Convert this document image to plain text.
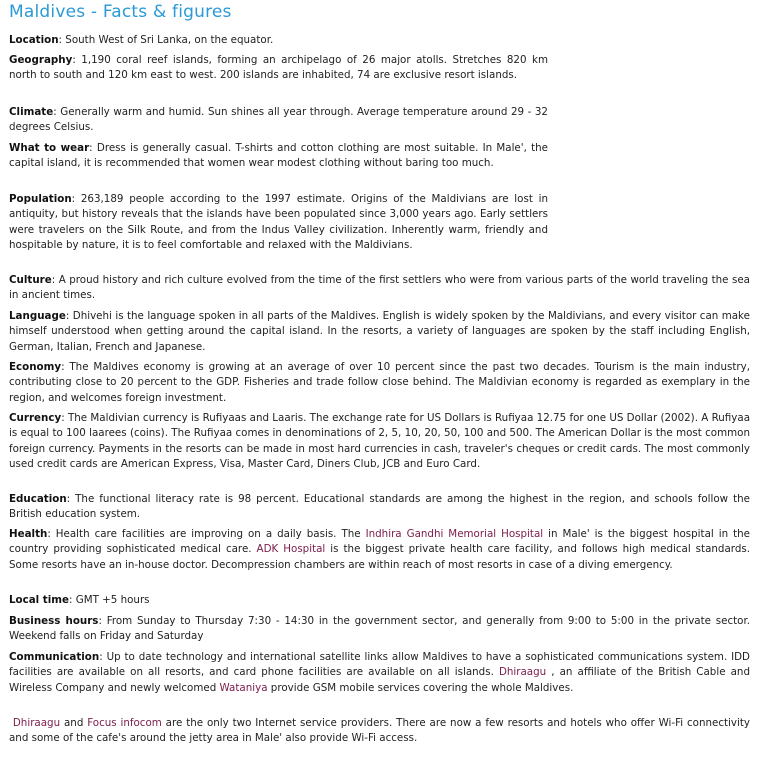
Maldives - Facts & figures

Location: South West of Sri Lanka, on the equator.

Geography: 1,190 coral reef islands, forming an archipelago of 26 major atolls. Stretches 820 km north to south and 120 km east to west. 200 islands are inhabited, 74 are exclusive resort islands.

Climate: Generally warm and humid. Sun shines all year through. Average temperature around 29 - 32 degrees Celsius.

What to wear: Dress is generally casual. T-shirts and cotton clothing are most suitable. In Male', the capital island, it is recommended that women wear modest clothing without baring too much.

Population: 263,189 people according to the 1997 estimate. Origins of the Maldivians are lost in antiquity, but history reveals that the islands have been populated since 3,000 years ago. Early settlers were travelers on the Silk Route, and from the Indus Valley civilization. Inherently warm, friendly and hospitable by nature, it is to feel comfortable and relaxed with the Maldivians.

Culture: A proud history and rich culture evolved from the time of the first settlers who were from various parts of the world traveling the sea in ancient times.

Language: Dhivehi is the language spoken in all parts of the Maldives. English is widely spoken by the Maldivians, and every visitor can make himself understood when getting around the capital island. In the resorts, a variety of languages are spoken by the staff including English, German, Italian, French and Japanese.

Economy: The Maldives economy is growing at an average of over 10 percent since the past two decades. Tourism is the main industry, contributing close to 20 percent to the GDP. Fisheries and trade follow close behind. The Maldivian economy is regarded as exemplary in the region, and welcomes foreign investment.

Currency: The Maldivian currency is Rufiyaas and Laaris. The exchange rate for US Dollars is Rufiyaa 12.75 for one US Dollar (2002). A Rufiyaa is equal to 100 laarees (coins). The Rufiyaa comes in denominations of 2, 5, 10, 20, 50, 100 and 500. The American Dollar is the most common foreign currency. Payments in the resorts can be made in most hard currencies in cash, traveler's cheques or credit cards. The most commonly used credit cards are American Express, Visa, Master Card, Diners Club, JCB and Euro Card.

Education: The functional literacy rate is 98 percent. Educational standards are among the highest in the region, and schools follow the British education system.

Health: Health care facilities are improving on a daily basis. The Indhira Gandhi Memorial Hospital in Male' is the biggest hospital in the country providing sophisticated medical care. ADK Hospital is the biggest private health care facility, and follows high medical standards. Some resorts have an in-house doctor. Decompression chambers are within reach of most resorts in case of a diving emergency.

Local time: GMT +5 hours

Business hours: From Sunday to Thursday 7:30 - 14:30 in the government sector, and generally from 9:00 to 5:00 in the private sector. Weekend falls on Friday and Saturday

Communication: Up to date technology and international satellite links allow Maldives to have a sophisticated communications system. IDD facilities are available on all resorts, and card phone facilities are available on all islands. Dhiraagu , an affiliate of the British Cable and Wireless Company and newly welcomed Wataniya provide GSM mobile services covering the whole Maldives.

Dhiraagu and Focus infocom are the only two Internet service providers. There are now a few resorts and hotels who offer Wi-Fi connectivity and some of the cafe's around the jetty area in Male' also provide Wi-Fi access.
